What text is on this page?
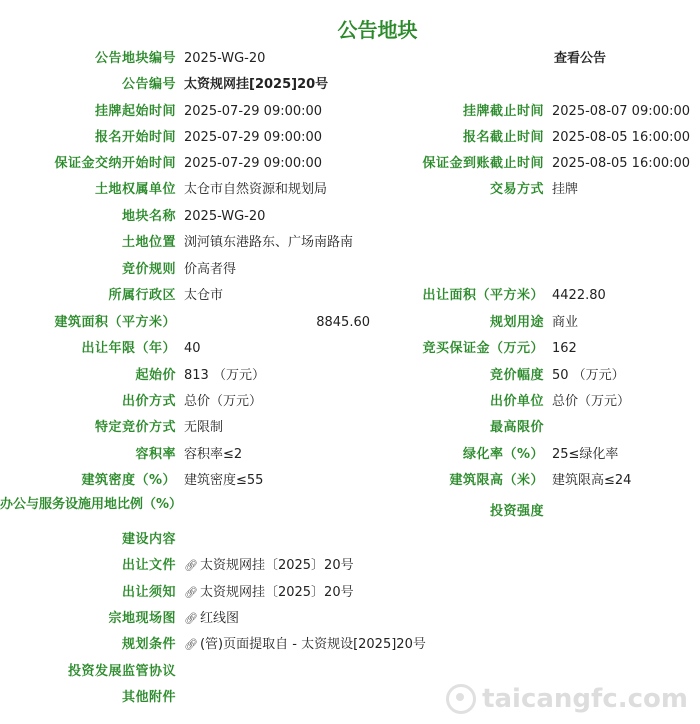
公告地块
公告地块编号 2025-WG-20	查看公告
公告编号 太资规网挂[2025]20号
挂牌起始时间 2025-07-29 09:00:00	挂牌截止时间 2025-08-07 09:00:00
报名开始时间 2025-07-29 09:00:00	报名截止时间 2025-08-05 16:00:00
保证金交纳开始时间 2025-07-29 09:00:00	保证金到账截止时间 2025-08-05 16:00:00
土地权属单位 太仓市自然资源和规划局	交易方式 挂牌
地块名称 2025-WG-20
土地位置 浏河镇东港路东、广场南路南
竞价规则 价高者得
所属行政区 太仓市	出让面积（平方米） 4422.80
建筑面积（平方米）	8845.60	规划用途 商业
出让年限（年） 40	竞买保证金（万元） 162
起始价 813 （万元）	竞价幅度 50 （万元）
出价方式 总价（万元）	出价单位 总价（万元）
特定竞价方式 无限制	最高限价
容积率 容积率≤2	绿化率（%） 25≤绿化率
建筑密度（%） 建筑密度≤55	建筑限高（米） 建筑限高≤24
办公与服务设施用地比例（%）	投资强度
建设内容
出让文件 🔗︎ 太资规网挂〔2025〕20号
出让须知 🔗︎ 太资规网挂〔2025〕20号
宗地现场图 🔗︎ 红线图
规划条件 🔗︎ (管)页面提取自 - 太资规设[2025]20号
投资发展监管协议
其他附件	taicangfc.com
